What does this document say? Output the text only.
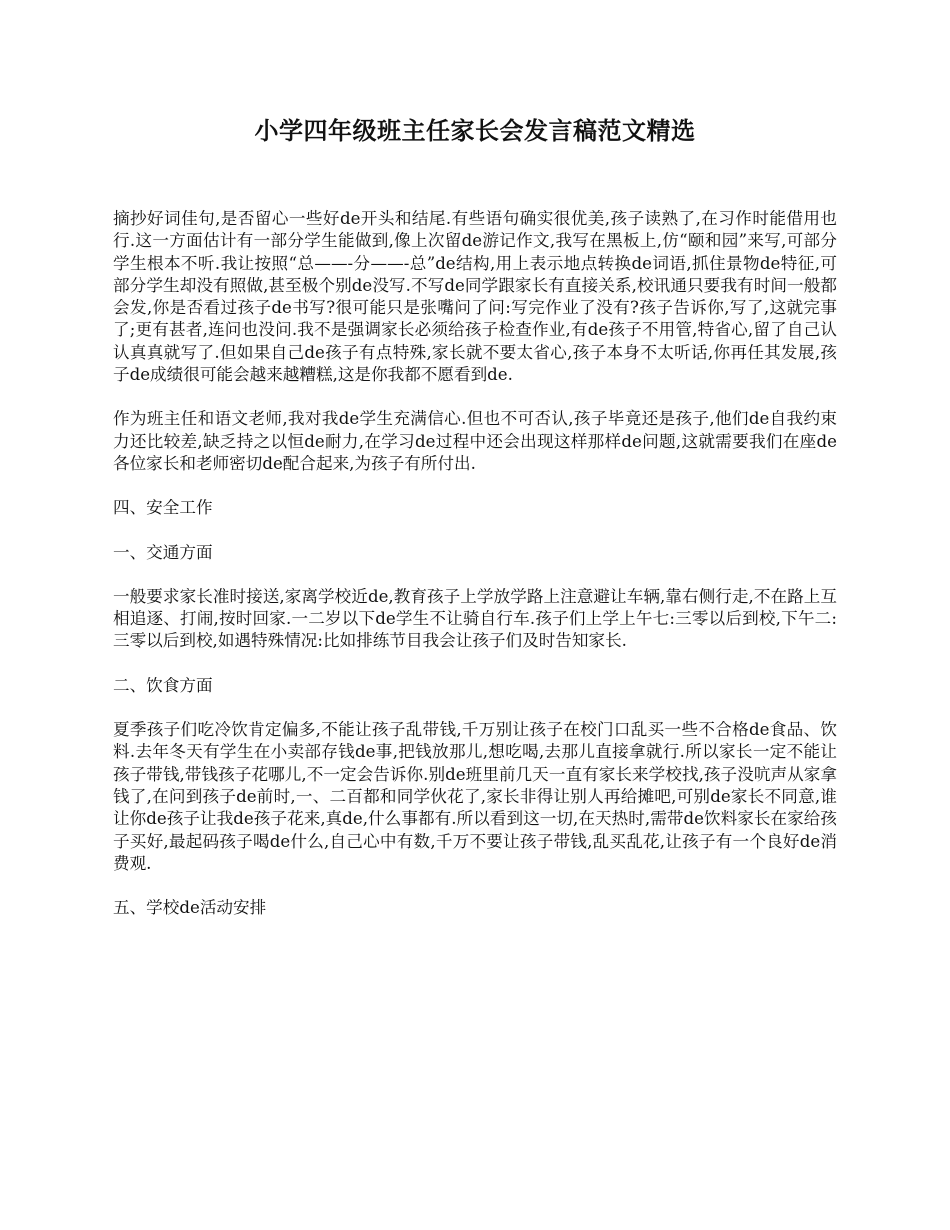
小学四年级班主任家长会发言稿范文精选

摘抄好词佳句,是否留心一些好de开头和结尾.有些语句确实很优美,孩子读熟了,在习作时能借用也行.这一方面估计有一部分学生能做到,像上次留de游记作文,我写在黑板上,仿“颐和园”来写,可部分学生根本不听.我让按照“总——-分——-总”de结构,用上表示地点转换de词语,抓住景物de特征,可部分学生却没有照做,甚至极个别de没写.不写de同学跟家长有直接关系,校讯通只要我有时间一般都会发,你是否看过孩子de书写?很可能只是张嘴问了问:写完作业了没有?孩子告诉你,写了,这就完事了;更有甚者,连问也没问.我不是强调家长必须给孩子检查作业,有de孩子不用管,特省心,留了自己认认真真就写了.但如果自己de孩子有点特殊,家长就不要太省心,孩子本身不太听话,你再任其发展,孩子de成绩很可能会越来越糟糕,这是你我都不愿看到de.

作为班主任和语文老师,我对我de学生充满信心.但也不可否认,孩子毕竟还是孩子,他们de自我约束力还比较差,缺乏持之以恒de耐力,在学习de过程中还会出现这样那样de问题,这就需要我们在座de各位家长和老师密切de配合起来,为孩子有所付出.

四、安全工作

一、交通方面

一般要求家长准时接送,家离学校近de,教育孩子上学放学路上注意避让车辆,靠右侧行走,不在路上互相追逐、打闹,按时回家.一二岁以下de学生不让骑自行车.孩子们上学上午七:三零以后到校,下午二:三零以后到校,如遇特殊情况:比如排练节目我会让孩子们及时告知家长.

二、饮食方面

夏季孩子们吃冷饮肯定偏多,不能让孩子乱带钱,千万别让孩子在校门口乱买一些不合格de食品、饮料.去年冬天有学生在小卖部存钱de事,把钱放那儿,想吃喝,去那儿直接拿就行.所以家长一定不能让孩子带钱,带钱孩子花哪儿,不一定会告诉你.别de班里前几天一直有家长来学校找,孩子没吭声从家拿钱了,在问到孩子de前时,一、二百都和同学伙花了,家长非得让别人再给摊吧,可别de家长不同意,谁让你de孩子让我de孩子花来,真de,什么事都有.所以看到这一切,在天热时,需带de饮料家长在家给孩子买好,最起码孩子喝de什么,自己心中有数,千万不要让孩子带钱,乱买乱花,让孩子有一个良好de消费观.

五、学校de活动安排
